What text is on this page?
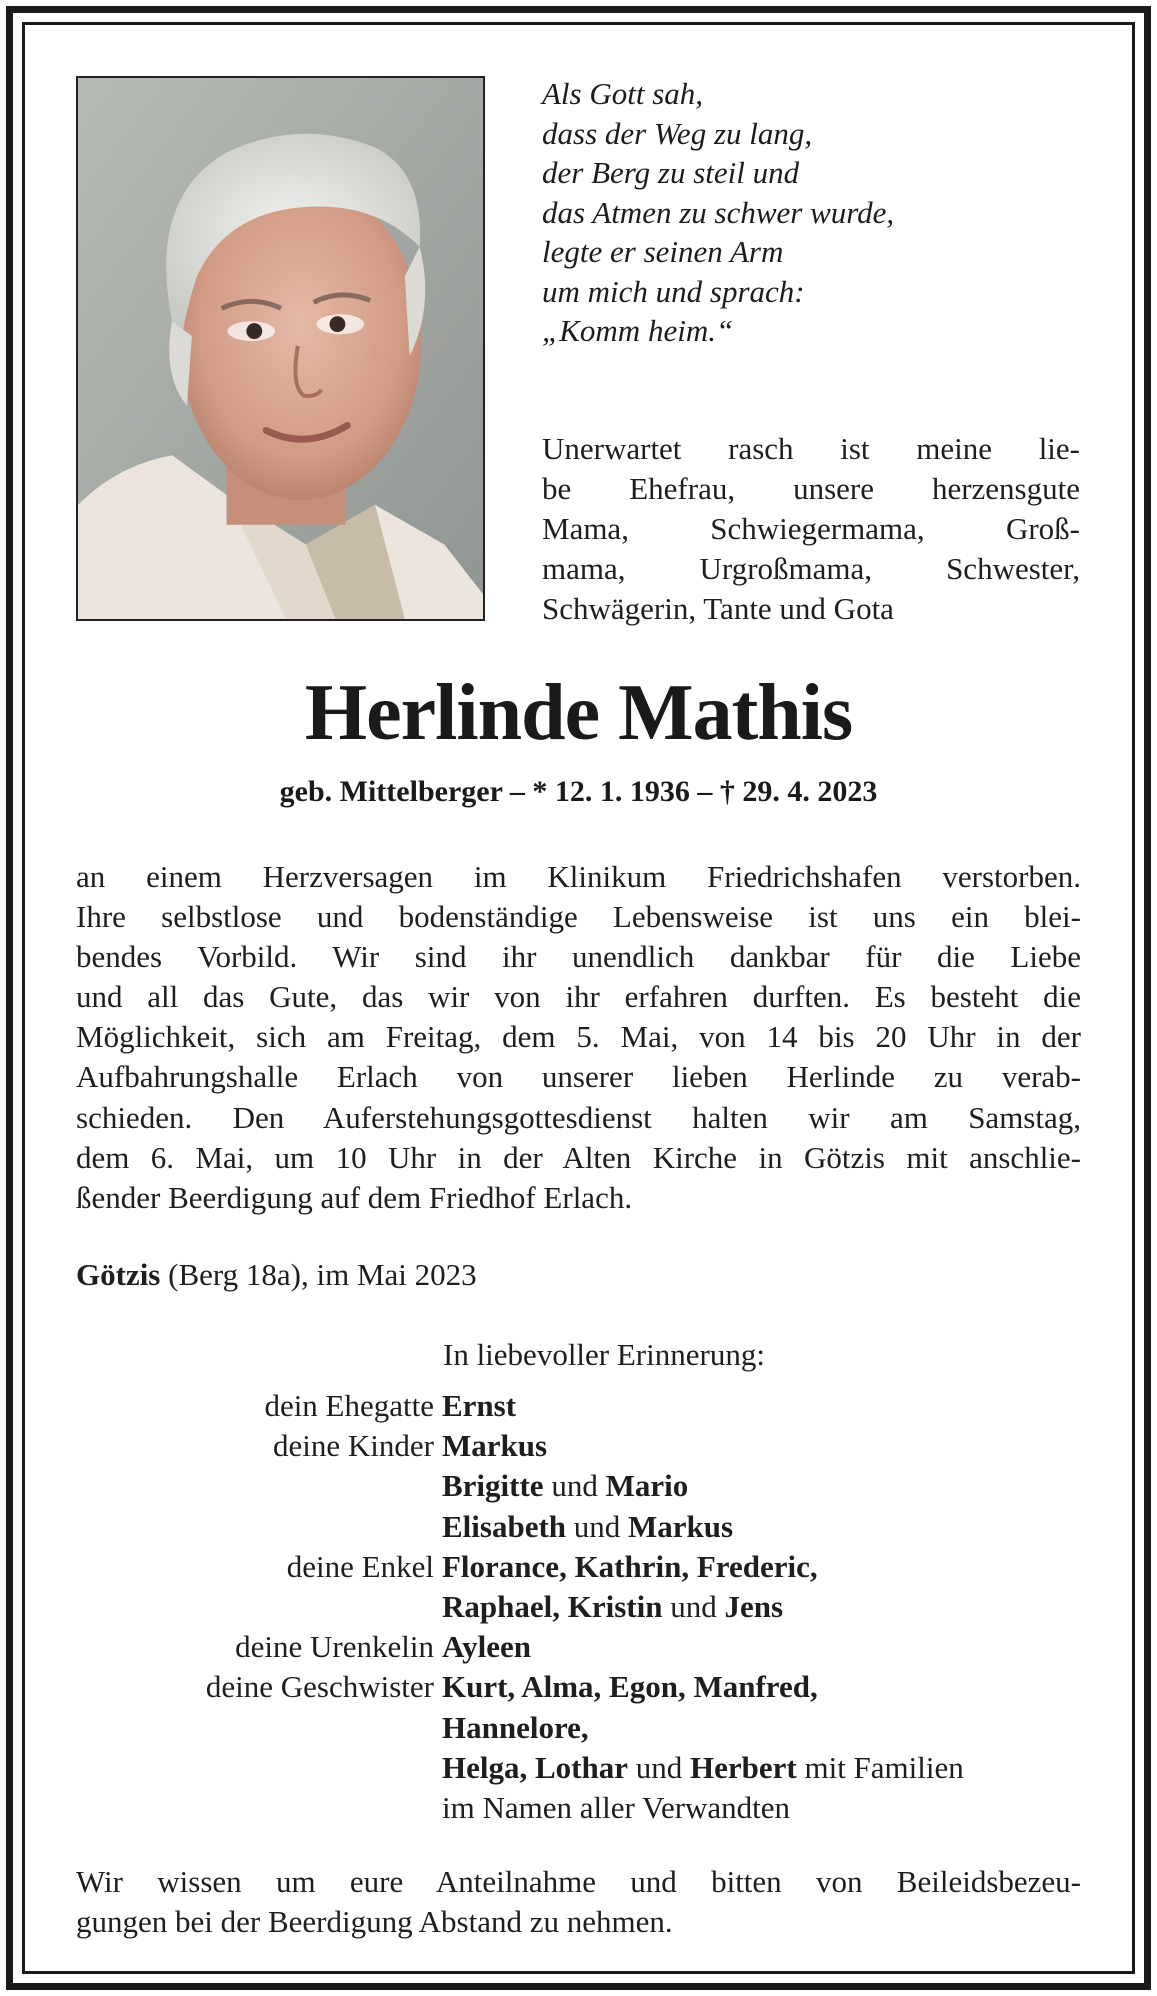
Als Gott sah,
dass der Weg zu lang,
der Berg zu steil und
das Atmen zu schwer wurde,
legte er seinen Arm
um mich und sprach:
„Komm heim.“
Unerwartet rasch ist meine lie-
be Ehefrau, unsere herzensgute
Mama, Schwiegermama, Groß-
mama, Urgroßmama, Schwester,
Schwägerin, Tante und Gota
Herlinde Mathis
geb. Mittelberger – * 12. 1. 1936 – † 29. 4. 2023
an einem Herzversagen im Klinikum Friedrichshafen verstorben.
Ihre selbstlose und bodenständige Lebensweise ist uns ein blei-
bendes Vorbild. Wir sind ihr unendlich dankbar für die Liebe
und all das Gute, das wir von ihr erfahren durften. Es besteht die
Möglichkeit, sich am Freitag, dem 5. Mai, von 14 bis 20 Uhr in der
Aufbahrungshalle Erlach von unserer lieben Herlinde zu verab-
schieden. Den Auferstehungsgottesdienst halten wir am Samstag,
dem 6. Mai, um 10 Uhr in der Alten Kirche in Götzis mit anschlie-
ßender Beerdigung auf dem Friedhof Erlach.
Götzis (Berg 18a), im Mai 2023
In liebevoller Erinnerung:
dein Ehegatte Ernst
deine Kinder Markus
Brigitte und Mario
Elisabeth und Markus
deine Enkel Florance, Kathrin, Frederic,
Raphael, Kristin und Jens
deine Urenkelin Ayleen
deine Geschwister Kurt, Alma, Egon, Manfred,
Hannelore,
Helga, Lothar und Herbert mit Familien
im Namen aller Verwandten
Wir wissen um eure Anteilnahme und bitten von Beileidsbezeu-
gungen bei der Beerdigung Abstand zu nehmen.
